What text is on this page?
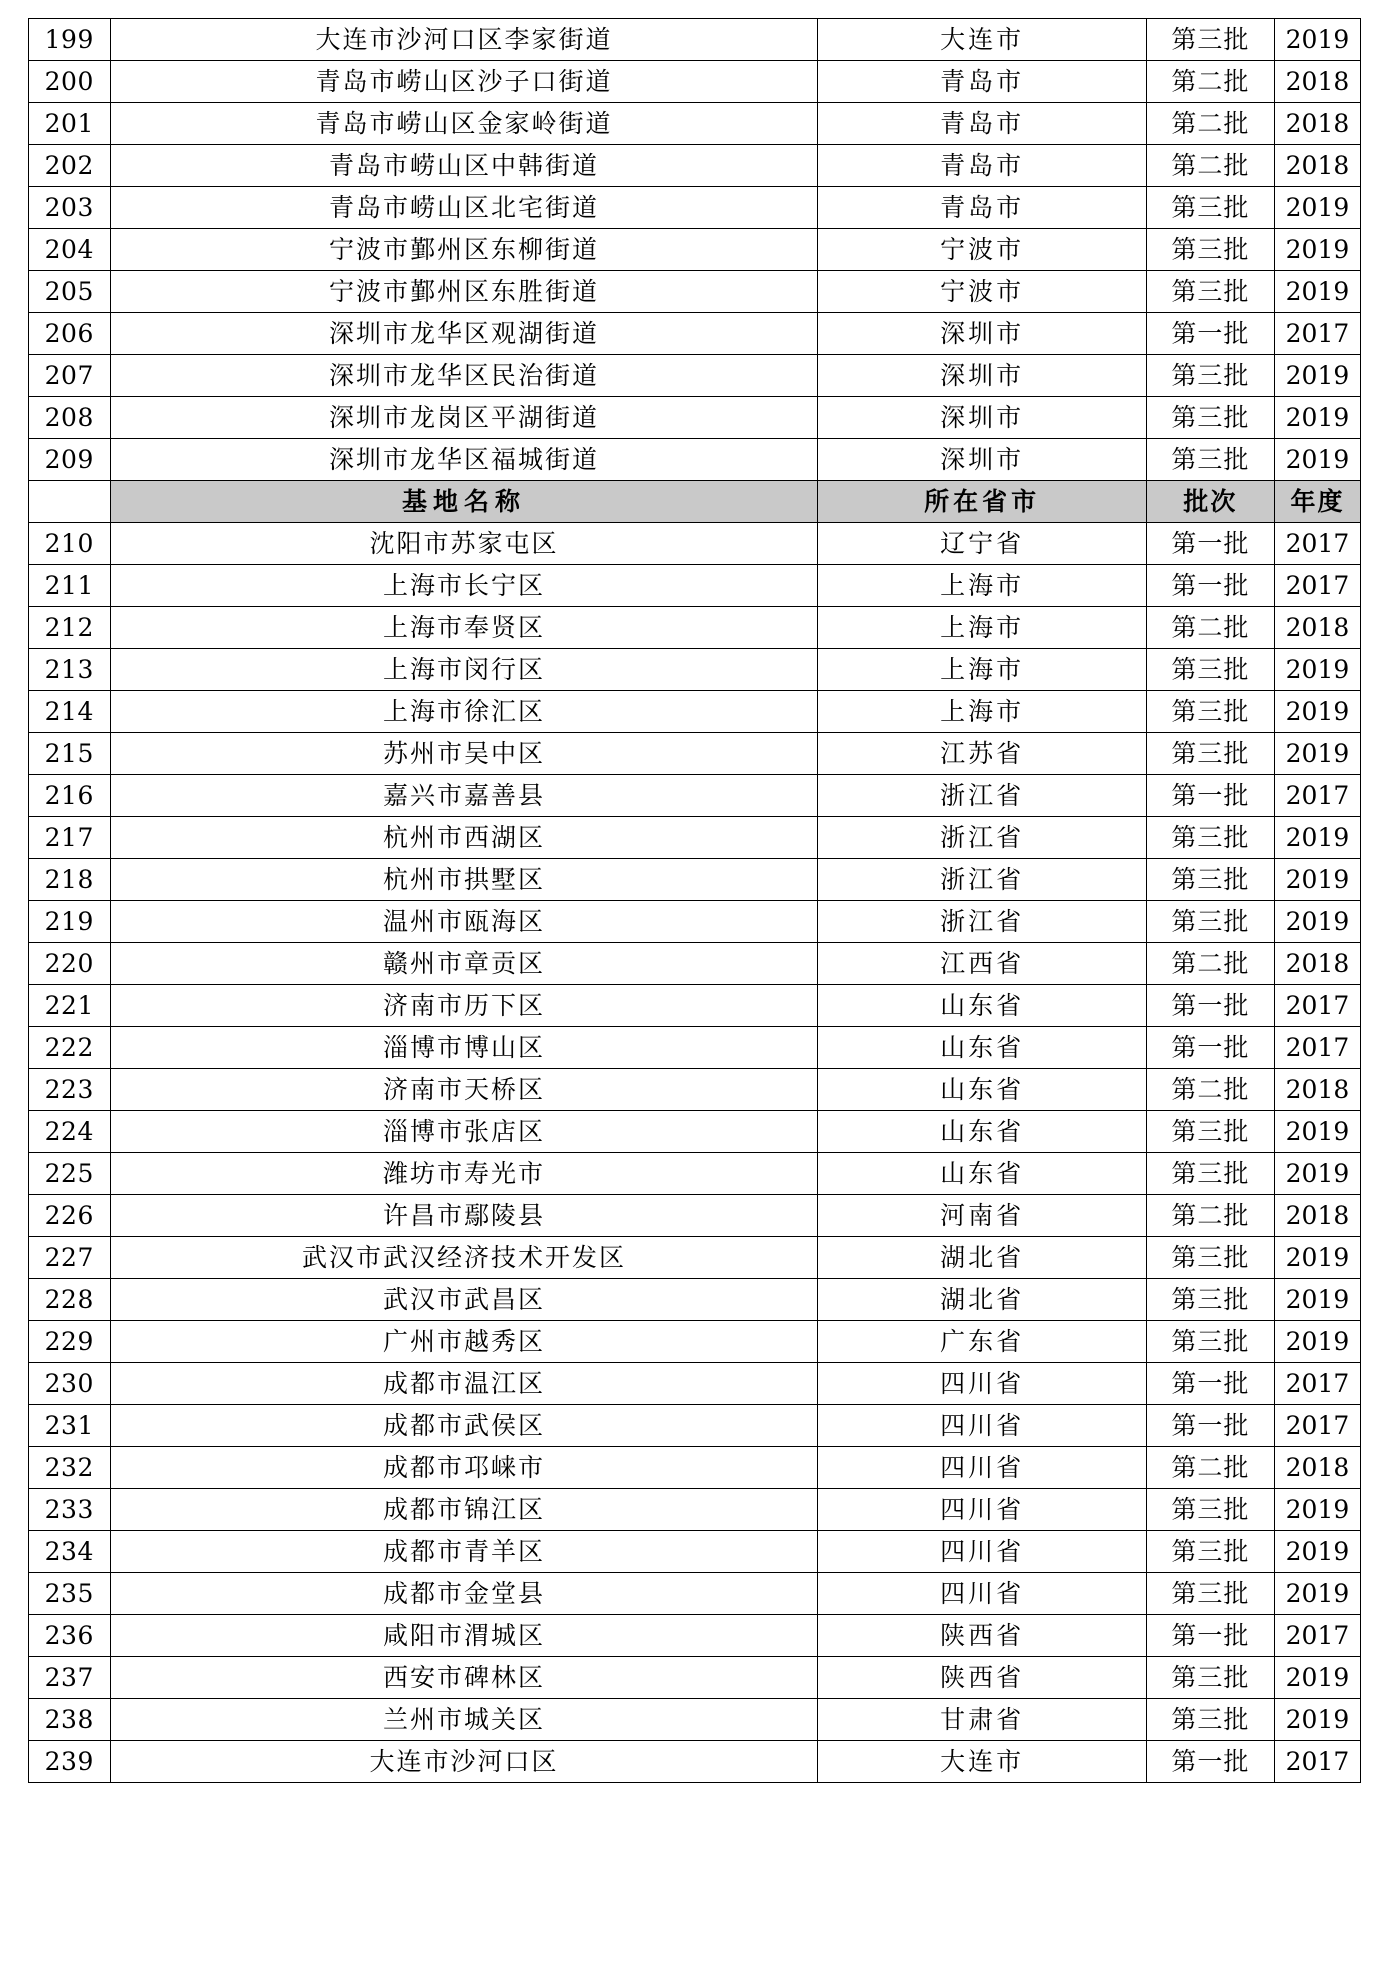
199	大连市沙河口区李家街道	大连市	第三批	2019
200	青岛市崂山区沙子口街道	青岛市	第二批	2018
201	青岛市崂山区金家岭街道	青岛市	第二批	2018
202	青岛市崂山区中韩街道	青岛市	第二批	2018
203	青岛市崂山区北宅街道	青岛市	第三批	2019
204	宁波市鄞州区东柳街道	宁波市	第三批	2019
205	宁波市鄞州区东胜街道	宁波市	第三批	2019
206	深圳市龙华区观湖街道	深圳市	第一批	2017
207	深圳市龙华区民治街道	深圳市	第三批	2019
208	深圳市龙岗区平湖街道	深圳市	第三批	2019
209	深圳市龙华区福城街道	深圳市	第三批	2019
	基地名称	所在省市	批次	年度
210	沈阳市苏家屯区	辽宁省	第一批	2017
211	上海市长宁区	上海市	第一批	2017
212	上海市奉贤区	上海市	第二批	2018
213	上海市闵行区	上海市	第三批	2019
214	上海市徐汇区	上海市	第三批	2019
215	苏州市吴中区	江苏省	第三批	2019
216	嘉兴市嘉善县	浙江省	第一批	2017
217	杭州市西湖区	浙江省	第三批	2019
218	杭州市拱墅区	浙江省	第三批	2019
219	温州市瓯海区	浙江省	第三批	2019
220	赣州市章贡区	江西省	第二批	2018
221	济南市历下区	山东省	第一批	2017
222	淄博市博山区	山东省	第一批	2017
223	济南市天桥区	山东省	第二批	2018
224	淄博市张店区	山东省	第三批	2019
225	潍坊市寿光市	山东省	第三批	2019
226	许昌市鄢陵县	河南省	第二批	2018
227	武汉市武汉经济技术开发区	湖北省	第三批	2019
228	武汉市武昌区	湖北省	第三批	2019
229	广州市越秀区	广东省	第三批	2019
230	成都市温江区	四川省	第一批	2017
231	成都市武侯区	四川省	第一批	2017
232	成都市邛崃市	四川省	第二批	2018
233	成都市锦江区	四川省	第三批	2019
234	成都市青羊区	四川省	第三批	2019
235	成都市金堂县	四川省	第三批	2019
236	咸阳市渭城区	陕西省	第一批	2017
237	西安市碑林区	陕西省	第三批	2019
238	兰州市城关区	甘肃省	第三批	2019
239	大连市沙河口区	大连市	第一批	2017
